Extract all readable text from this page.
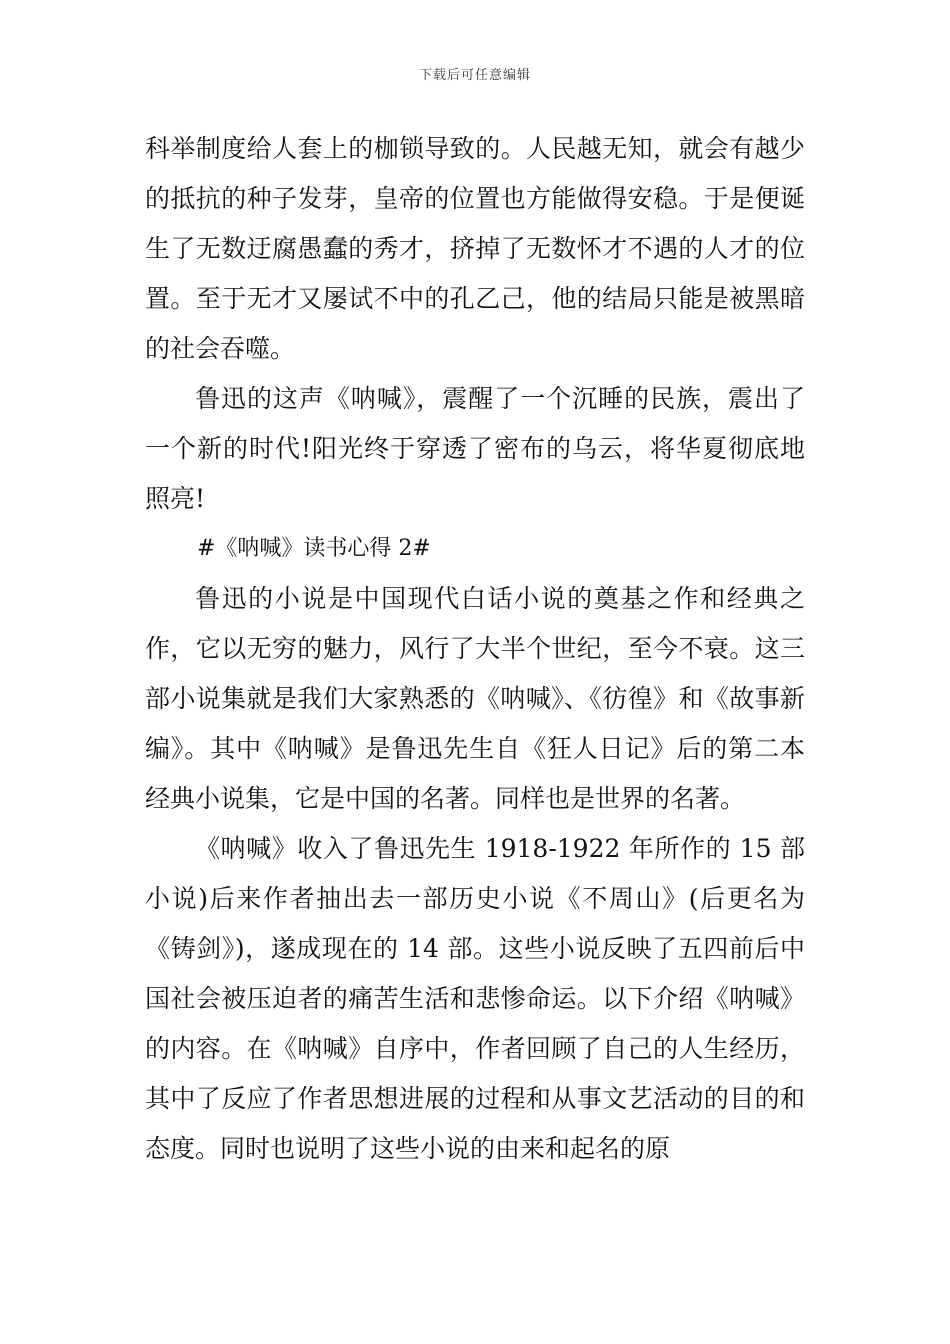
下载后可任意编辑

科举制度给人套上的枷锁导致的。人民越无知，就会有越少的抵抗的种子发芽，皇帝的位置也方能做得安稳。于是便诞生了无数迂腐愚蠢的秀才，挤掉了无数怀才不遇的人才的位置。至于无才又屡试不中的孔乙己，他的结局只能是被黑暗的社会吞噬。

鲁迅的这声《呐喊》，震醒了一个沉睡的民族，震出了一个新的时代!阳光终于穿透了密布的乌云，将华夏彻底地照亮!

#《呐喊》读书心得 2#

鲁迅的小说是中国现代白话小说的奠基之作和经典之作，它以无穷的魅力，风行了大半个世纪，至今不衰。这三部小说集就是我们大家熟悉的《呐喊》、《彷徨》和《故事新编》。其中《呐喊》是鲁迅先生自《狂人日记》后的第二本经典小说集，它是中国的名著。同样也是世界的名著。

《呐喊》收入了鲁迅先生 1918-1922 年所作的 15 部小说)后来作者抽出去一部历史小说《不周山》(后更名为《铸剑》)，遂成现在的 14 部。这些小说反映了五四前后中国社会被压迫者的痛苦生活和悲惨命运。以下介绍《呐喊》的内容。在《呐喊》自序中，作者回顾了自己的人生经历，其中了反应了作者思想进展的过程和从事文艺活动的目的和态度。同时也说明了这些小说的由来和起名的原
